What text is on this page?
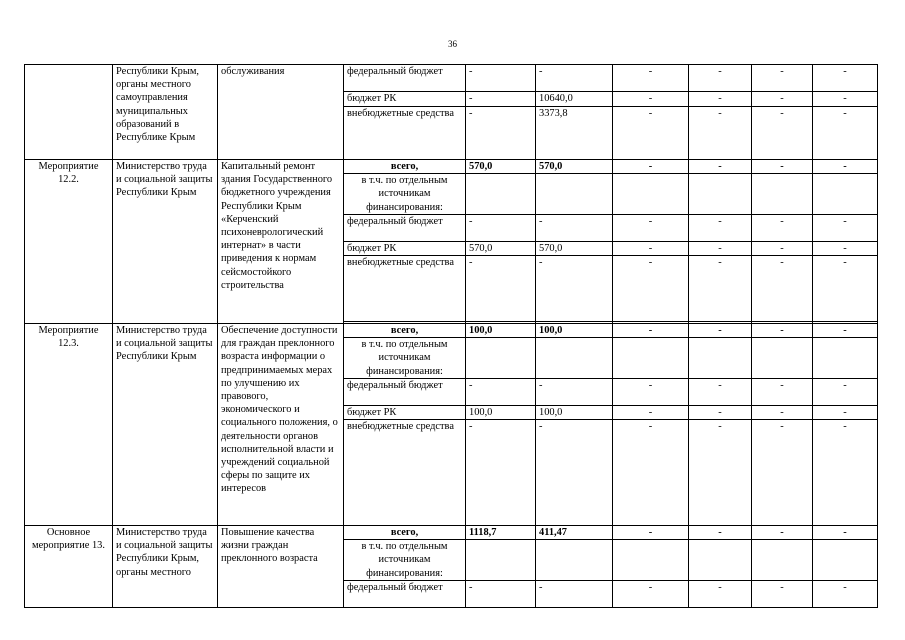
36
	Республики Крым, органы местного самоуправления муниципальных образований в Республике Крым	обслуживания	федеральный бюджет	-	-	-	-	-	-
			бюджет РК	-	10640,0	-	-	-	-
			внебюджетные средства	-	3373,8	-	-	-	-
Мероприятие 12.2.	Министерство труда и социальной защиты Республики Крым	Капитальный ремонт здания Государственного бюджетного учреждения Республики Крым «Керченский психоневрологический интернат» в части приведения к нормам сейсмостойкого строительства	всего,	570,0	570,0	-	-	-	-
			в т.ч. по отдельным источникам финансирования:						
			федеральный бюджет	-	-	-	-	-	-
			бюджет РК	570,0	570,0	-	-	-	-
			внебюджетные средства	-	-	-	-	-	-

Мероприятие 12.3.	Министерство труда и социальной защиты Республики Крым	Обеспечение доступности для граждан преклонного возраста информации о предпринимаемых мерах по улучшению их правового, экономического и социального положения, о деятельности органов исполнительной власти и учреждений социальной сферы по защите их интересов	всего,	100,0	100,0	-	-	-	-
			в т.ч. по отдельным источникам финансирования:						
			федеральный бюджет	-	-	-	-	-	-
			бюджет РК	100,0	100,0	-	-	-	-
			внебюджетные средства	-	-	-	-	-	-
Основное мероприятие 13.	Министерство труда и социальной защиты Республики Крым, органы местного	Повышение качества жизни граждан преклонного возраста	всего,	1118,7	411,47	-	-	-	-
			в т.ч. по отдельным источникам финансирования:						
			федеральный бюджет	-	-	-	-	-	-
